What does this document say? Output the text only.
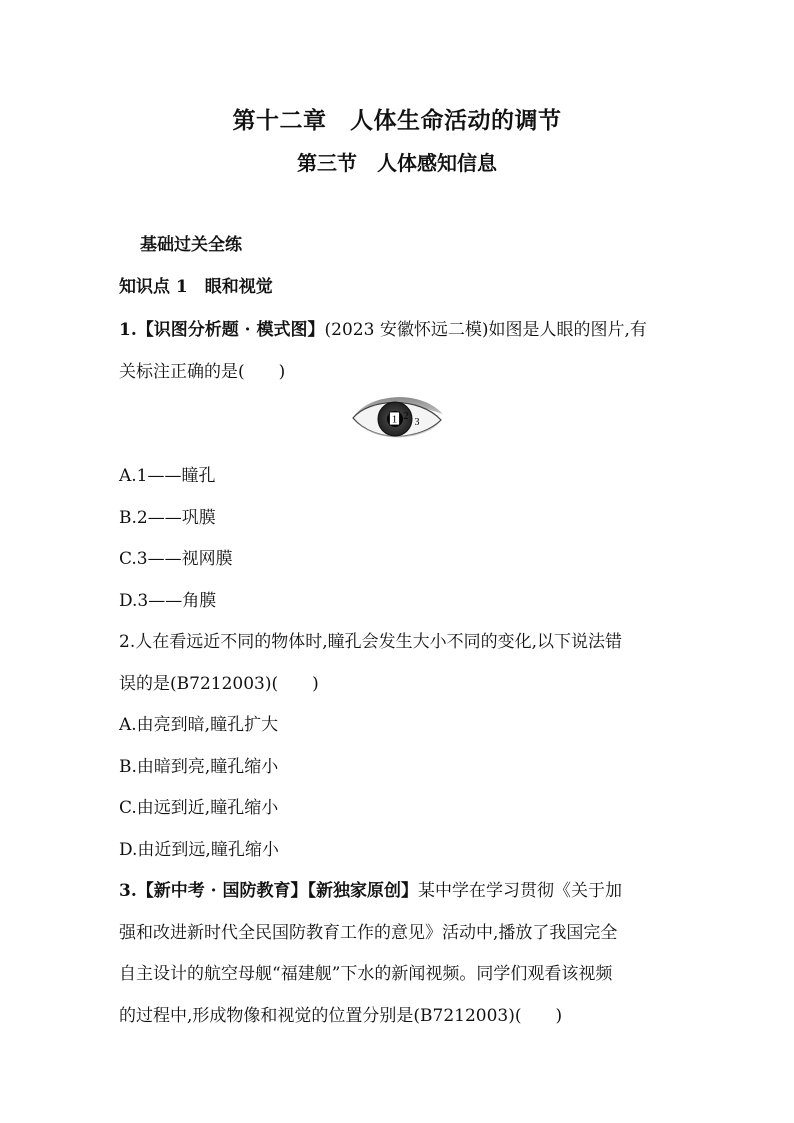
第十二章　人体生命活动的调节
第三节　人体感知信息
基础过关全练
知识点 1　眼和视觉
1.【识图分析题 · 模式图】(2023 安徽怀远二模)如图是人眼的图片,有
关标注正确的是(　　)
1 2
3
A.1——瞳孔
B.2——巩膜
C.3——视网膜
D.3——角膜
2.人在看远近不同的物体时,瞳孔会发生大小不同的变化,以下说法错
误的是(B7212003)(　　)
A.由亮到暗,瞳孔扩大
B.由暗到亮,瞳孔缩小
C.由远到近,瞳孔缩小
D.由近到远,瞳孔缩小
3.【新中考 · 国防教育】【新独家原创】某中学在学习贯彻《关于加
强和改进新时代全民国防教育工作的意见》活动中,播放了我国完全
自主设计的航空母舰“福建舰”下水的新闻视频。同学们观看该视频
的过程中,形成物像和视觉的位置分别是(B7212003)(　　)
